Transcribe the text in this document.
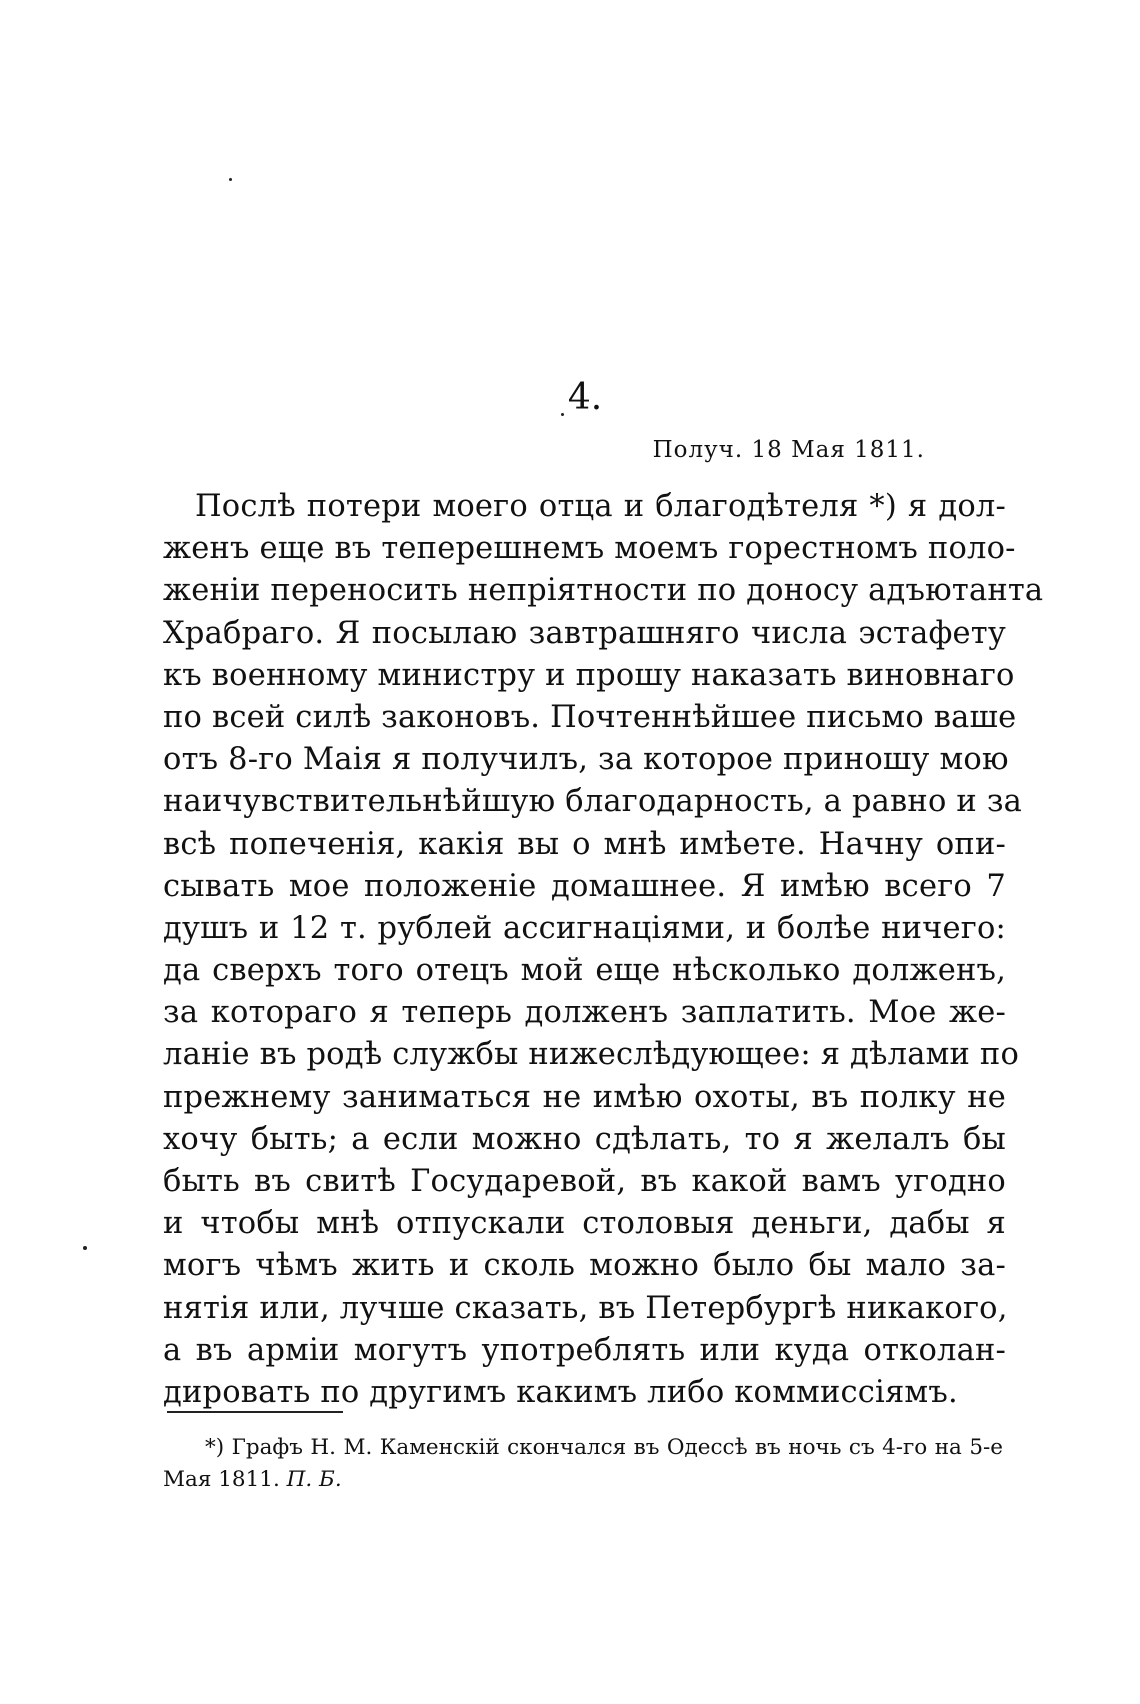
4.
Получ. 18 Мая 1811.
Послѣ потери моего отца и благодѣтеля *) я дол-
женъ еще въ теперешнемъ моемъ горестномъ поло-
женіи переносить непріятности по доносу адъютанта
Храбраго. Я посылаю завтрашняго числа эстафету
къ военному министру и прошу наказать виновнаго
по всей силѣ законовъ. Почтеннѣйшее письмо ваше
отъ 8-го Маія я получилъ, за которое приношу мою
наичувствительнѣйшую благодарность, а равно и за
всѣ попеченія, какія вы о мнѣ имѣете. Начну опи-
сывать мое положеніе домашнее. Я имѣю всего 7
душъ и 12 т. рублей ассигнаціями, и болѣе ничего:
да сверхъ того отецъ мой еще нѣсколько долженъ,
за котораго я теперь долженъ заплатить. Мое же-
ланіе въ родѣ службы нижеслѣдующее: я дѣлами по
прежнему заниматься не имѣю охоты, въ полку не
хочу быть; а если можно сдѣлать, то я желалъ бы
быть въ свитѣ Государевой, въ какой вамъ угодно
и чтобы мнѣ отпускали столовыя деньги, дабы я
могъ чѣмъ жить и сколь можно было бы мало за-
нятія или, лучше сказать, въ Петербургѣ никакого,
а въ арміи могутъ употреблять или куда отколан-
дировать по другимъ какимъ либо коммиссіямъ.
*) Графъ Н. М. Каменскій скончался въ Одессѣ въ ночь съ 4-го на 5-е
Мая 1811. П. Б.
